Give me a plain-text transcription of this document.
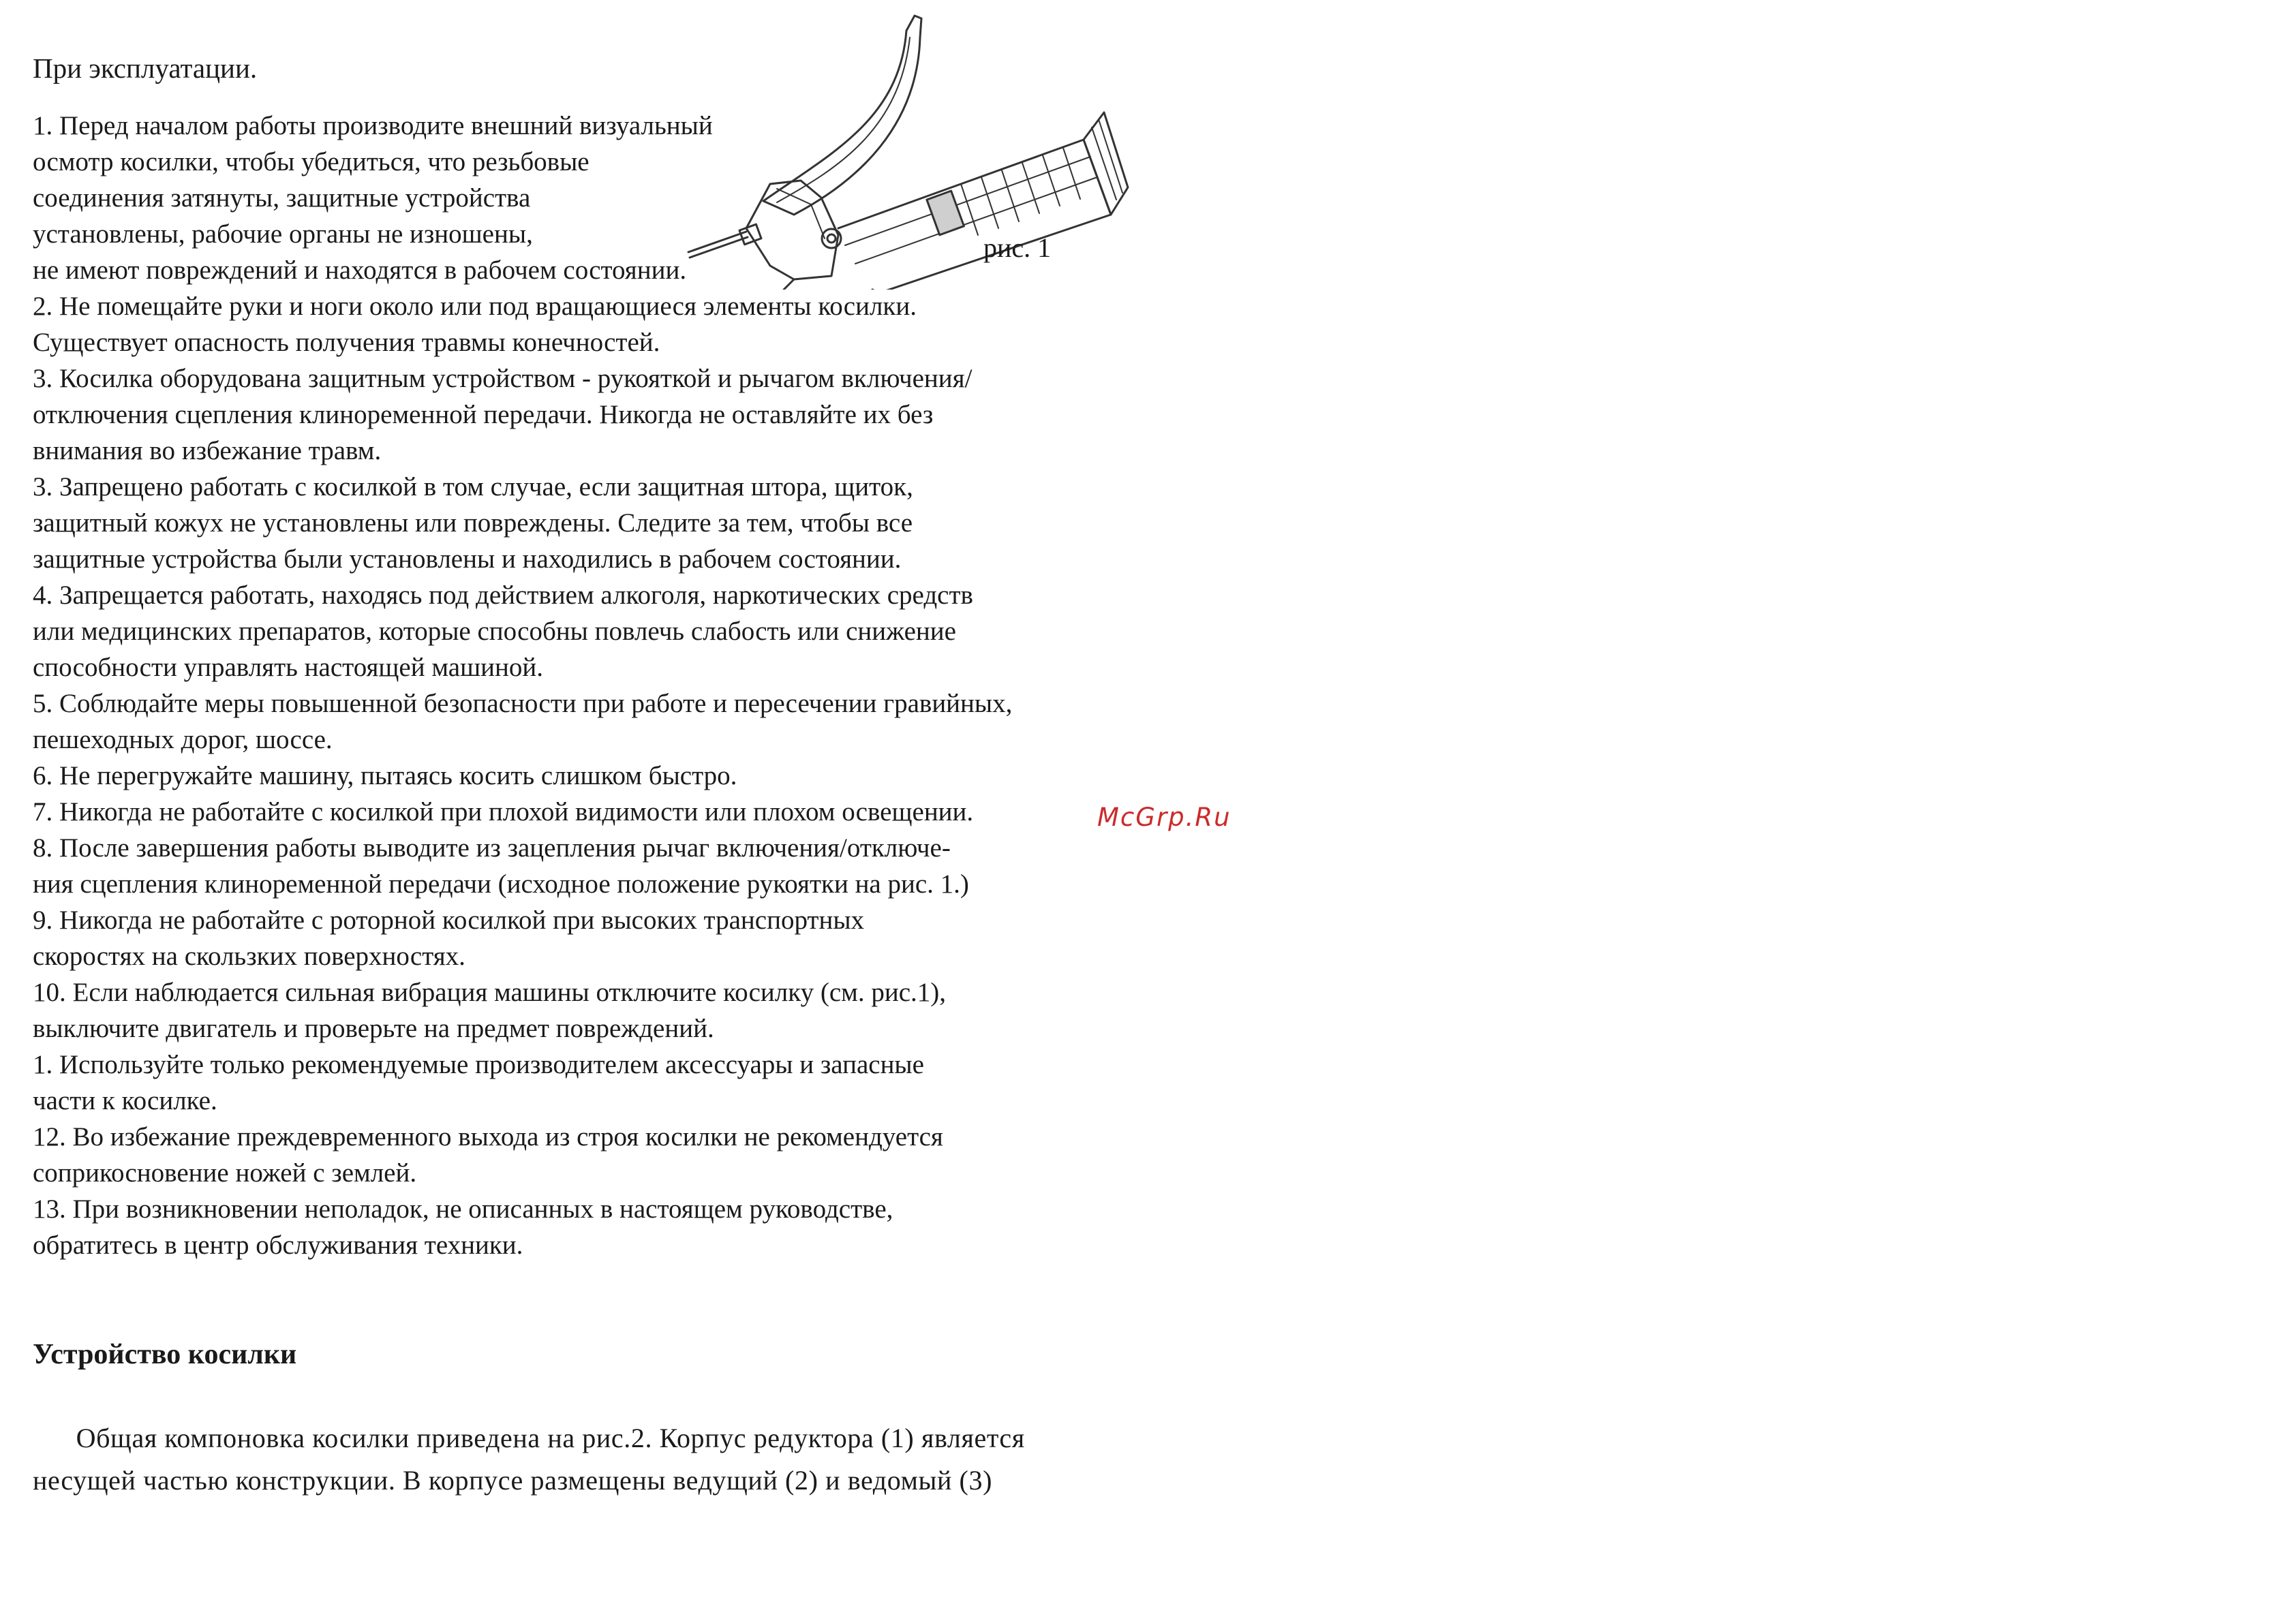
При эксплуатации.
рис. 1
1. Перед началом работы производите внешний визуальный
осмотр косилки, чтобы убедиться, что резьбовые
соединения затянуты, защитные устройства
установлены, рабочие органы не изношены,
не имеют повреждений и находятся в рабочем состоянии.
2. Не помещайте руки и ноги около или под вращающиеся элементы косилки.
Существует опасность получения травмы конечностей.
3. Косилка оборудована защитным устройством - рукояткой и рычагом включения/
отключения сцепления клиноременной передачи. Никогда не оставляйте их без
внимания во избежание травм.
3. Запрещено работать с косилкой в том случае, если защитная штора, щиток,
защитный кожух не установлены или повреждены. Следите за тем, чтобы все
защитные устройства были установлены и находились в рабочем состоянии.
4. Запрещается работать, находясь под действием алкоголя, наркотических средств
или медицинских препаратов, которые способны повлечь слабость или снижение
способности управлять настоящей машиной.
5. Соблюдайте меры повышенной безопасности при работе и пересечении гравийных,
пешеходных дорог, шоссе.
6. Не перегружайте машину, пытаясь косить слишком быстро.
7. Никогда не работайте с косилкой при плохой видимости или плохом освещении.
8. После завершения работы выводите из зацепления рычаг включения/отключе-
ния сцепления клиноременной передачи (исходное положение рукоятки на рис. 1.)
9. Никогда не работайте с роторной косилкой при высоких транспортных
скоростях на скользких поверхностях.
10. Если наблюдается сильная вибрация машины отключите косилку (см. рис.1),
выключите двигатель и проверьте на предмет повреждений.
1. Используйте только рекомендуемые производителем аксессуары и запасные
части к косилке.
12. Во избежание преждевременного выхода из строя косилки не рекомендуется
соприкосновение ножей с землей.
13. При возникновении неполадок, не описанных в настоящем руководстве,
обратитесь в центр обслуживания техники.
McGrp.Ru
Устройство косилки
Общая компоновка косилки приведена на рис.2. Корпус редуктора (1) является
несущей частью конструкции. В корпусе размещены ведущий (2) и ведомый (3)
